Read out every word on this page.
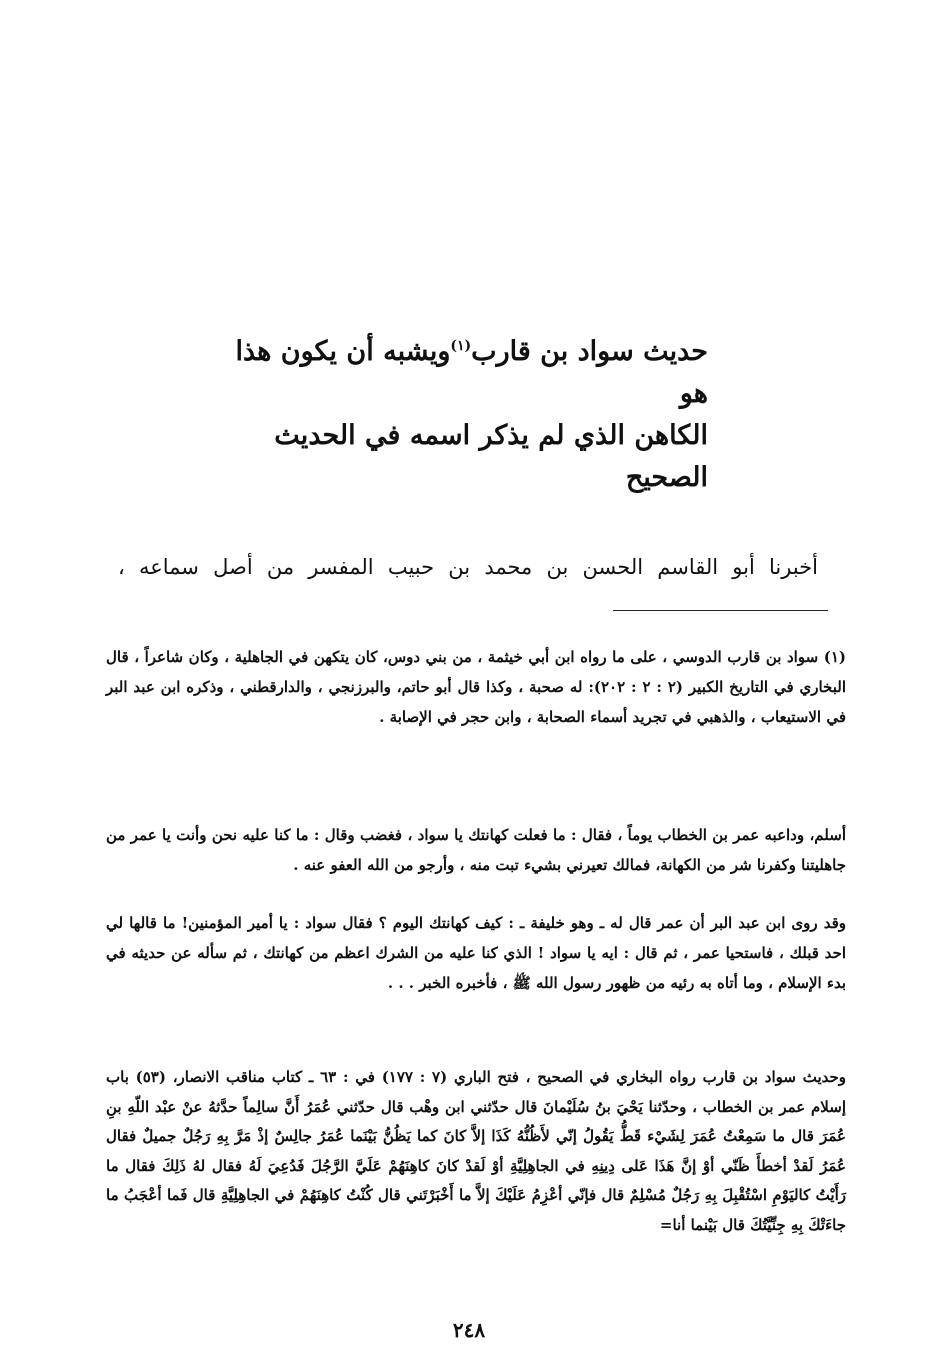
حديث سواد بن قارب$^{(١)}$ويشبه أن يكون هذا هو
الكاهن الذي لم يذكر اسمه في الحديث الصحيح
أخبرنا أبو القاسم الحسن بن محمد بن حبيب المفسر من أصل سماعه ،

(١) سواد بن قارب الدوسي ، على ما رواه ابن أبي خيثمة ، من بني دوس، كان يتكهن في الجاهلية ، وكان شاعراً ، قال البخاري في التاريخ الكبير (٢ : ٢ : ٢٠٢): له صحبة ، وكذا قال أبو حاتم، والبرزنجي ، والدارقطني ، وذكره ابن عبد البر في الاستيعاب ، والذهبي في تجريد أسماء الصحابة ، وابن حجر في الإصابة .

أسلم، وداعبه عمر بن الخطاب يوماً ، فقال : ما فعلت كهانتك يا سواد ، فغضب وقال : ما كنا عليه نحن وأنت يا عمر من جاهليتنا وكفرنا شر من الكهانة، فمالك تعيرني بشيء تبت منه ، وأرجو من الله العفو عنه .

وقد روى ابن عبد البر أن عمر قال له ـ وهو خليفة ـ : كيف كهانتك اليوم ؟ فقال سواد : يا أمير المؤمنين! ما قالها لي احد قبلك ، فاستحيا عمر ، ثم قال : ايه يا سواد ! الذي كنا عليه من الشرك اعظم من كهانتك ، ثم سأله عن حديثه في بدء الإسلام ، وما أتاه به رئيه من ظهور رسول الله ﷺ ، فأخبره الخبر . . .

وحديث سواد بن قارب رواه البخاري في الصحيح ، فتح الباري (٧ : ١٧٧) في : ٦٣ ـ كتاب مناقب الانصار، (٥٣) باب إسلام عمر بن الخطاب ، وحدّثنا يَحْيَ بنُ سُلَيْمانَ قال حدّثني ابن وهْب قال حدّثني عُمَرُ أَنَّ سالِماً حدَّثهُ عنْ عبْد اللّهِ بنِ عُمَرَ قال ما سَمِعْتُ عُمَرَ لِشَيْء قَطُّ يَقُولُ إنّي لأَظُنُّهُ كَذَا إلاَّ كانَ كما يَظُنُّ بَيْنَما عُمَرُ جالِسٌ إذْ مَرَّ بِهِ رَجُلٌ جميلٌ فقال عُمَرُ لَقدْ أخطأَ ظَنّي أوْ إنَّ هَذَا عَلى دِينِهِ في الجاهِلِيَّةِ أوْ لَقدْ كانَ كاهِنَهُمْ عَلَيَّ الرَّجُلَ فَدُعِيَ لَهُ فقال لهُ ذَلِكَ فقال ما رَأَيْتُ كاليَوْمِ اسْتُقْبِلَ بِهِ رَجُلٌ مُسْلِمٌ قال فإنّي أعْزِمُ عَلَيْكَ إلاَّ ما أَخْبَرْتَني قال كُنْتُ كاهِنَهُمْ في الجاهِلِيَّةِ قال فَما أعْجَبُ ما جاءَتْكَ بِهِ جِنِّيَّتُكَ قال بَيْنما أنا=

٢٤٨
